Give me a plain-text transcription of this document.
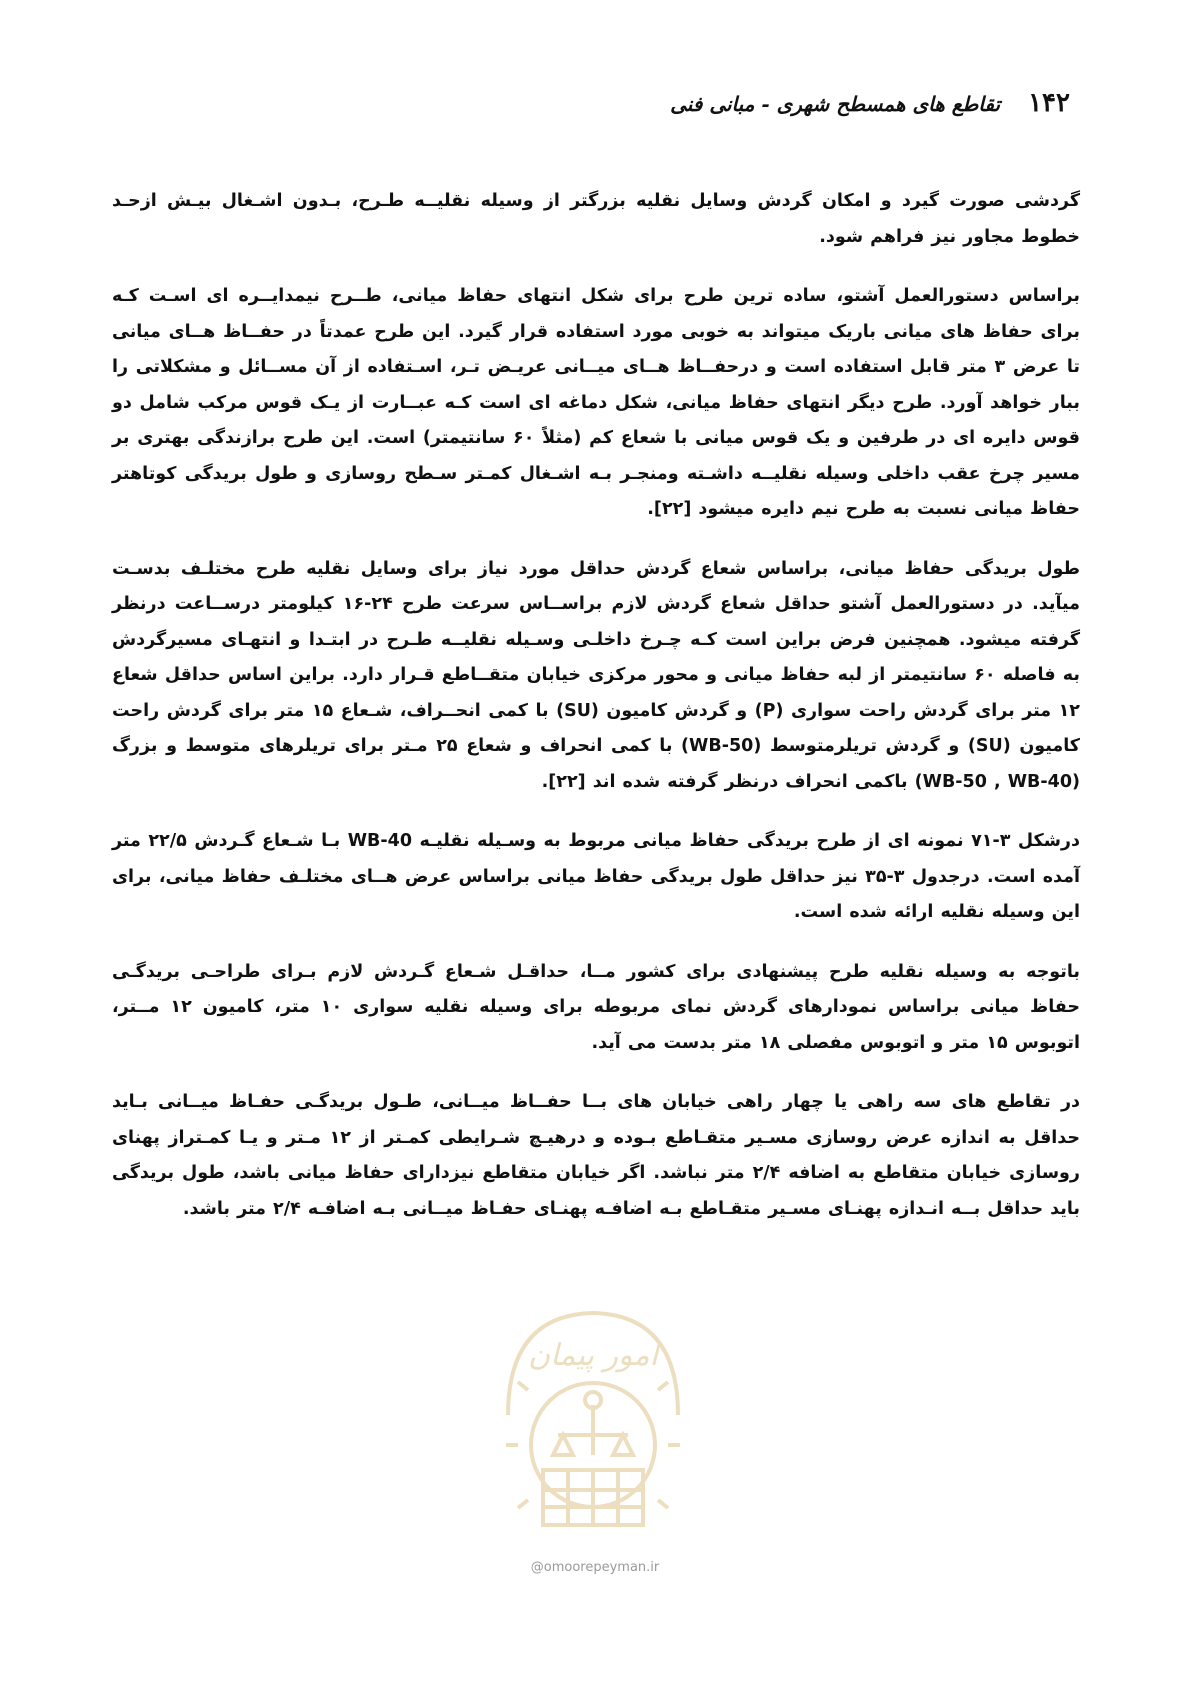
۱۴۲
تقاطع های همسطح شهری - مبانی فنی

گردشی صورت گیرد و امکان گردش وسایل نقلیه بزرگتر از وسیله نقلیــه طـرح، بـدون اشـغال بیـش ازحـد خطوط مجاور نیز فراهم شود.

براساس دستورالعمل آشتو، ساده ترین طرح برای شکل انتهای حفاظ میانی، طــرح نیمدایــره ای اسـت کـه برای حفاظ های میانی باریک میتواند به خوبی مورد استفاده قرار گیرد. این طرح عمدتاً در حفــاظ هــای میانی تا عرض ۳ متر قابل استفاده است و درحفــاظ هــای میــانی عریـض تـر، اسـتفاده از آن مســائل و مشکلاتی را ببار خواهد آورد. طرح دیگر انتهای حفاظ میانی، شکل دماغه ای است کـه عبــارت از یـک قوس مرکب شامل دو قوس دایره ای در طرفین و یک قوس میانی با شعاع کم (مثلاً ۶۰ سانتیمتر) است. این طرح برازندگی بهتری بر مسیر چرخ عقب داخلی وسیله نقلیــه داشـته ومنجـر بـه اشـغال کمـتر سـطح روسازی و طول بریدگی کوتاهتر حفاظ میانی نسبت به طرح نیم دایره میشود [۲۲].

طول بریدگی حفاظ میانی، براساس شعاع گردش حداقل مورد نیاز برای وسایل نقلیه طرح مختلـف بدسـت میآید. در دستورالعمل آشتو حداقل شعاع گردش لازم براســاس سرعت طرح ۲۴-۱۶ کیلومتر درســاعت درنظر گرفته میشود. همچنین فرض براین است کـه چـرخ داخلـی وسـیله نقلیــه طـرح در ابتـدا و انتهـای مسیرگردش به فاصله ۶۰ سانتیمتر از لبه حفاظ میانی و محور مرکزی خیابان متقــاطع قـرار دارد. براین اساس حداقل شعاع ۱۲ متر برای گردش راحت سواری (P) و گردش کامیون (SU) با کمی انحــراف، شـعاع ۱۵ متر برای گردش راحت کامیون (SU) و گردش تریلرمتوسط (WB-50) با کمی انحراف و شعاع ۲۵ مـتر برای تریلرهای متوسط و بزرگ (WB-50 , WB-40) باکمی انحراف درنظر گرفته شده اند [۲۲].

درشکل ۳-۷۱ نمونه ای از طرح بریدگی حفاظ میانی مربوط به وسـیله نقلیـه WB-40 بـا شـعاع گـردش ۲۲/۵ متر آمده است. درجدول ۳-۳۵ نیز حداقل طول بریدگی حفاظ میانی براساس عرض هــای مختلـف حفاظ میانی، برای این وسیله نقلیه ارائه شده است.

باتوجه به وسیله نقلیه طرح پیشنهادی برای کشور مــا، حداقـل شـعاع گـردش لازم بـرای طراحـی بریدگـی حفاظ میانی براساس نمودارهای گردش نمای مربوطه برای وسیله نقلیه سواری ۱۰ متر، کامیون ۱۲ مــتر، اتوبوس ۱۵ متر و اتوبوس مفصلی ۱۸ متر بدست می آید.

در تقاطع های سه راهی یا چهار راهی خیابان های بــا حفــاظ میــانی، طـول بریدگـی حفـاظ میــانی بـاید حداقل به اندازه عرض روسازی مسـیر متقـاطع بـوده و درهیـچ شـرایطی کمـتر از ۱۲ مـتر و یـا کمـتراز پهنای روسازی خیابان متقاطع به اضافه ۲/۴ متر نباشد. اگر خیابان متقاطع نیزدارای حفاظ میانی باشد، طول بریدگی باید حداقل بــه انـدازه پهنـای مسـیر متقـاطع بـه اضافـه پهنـای حفـاظ میــانی بـه اضافـه ۲/۴ متر باشد.

امور پیمان
@omoorepeyman.ir
